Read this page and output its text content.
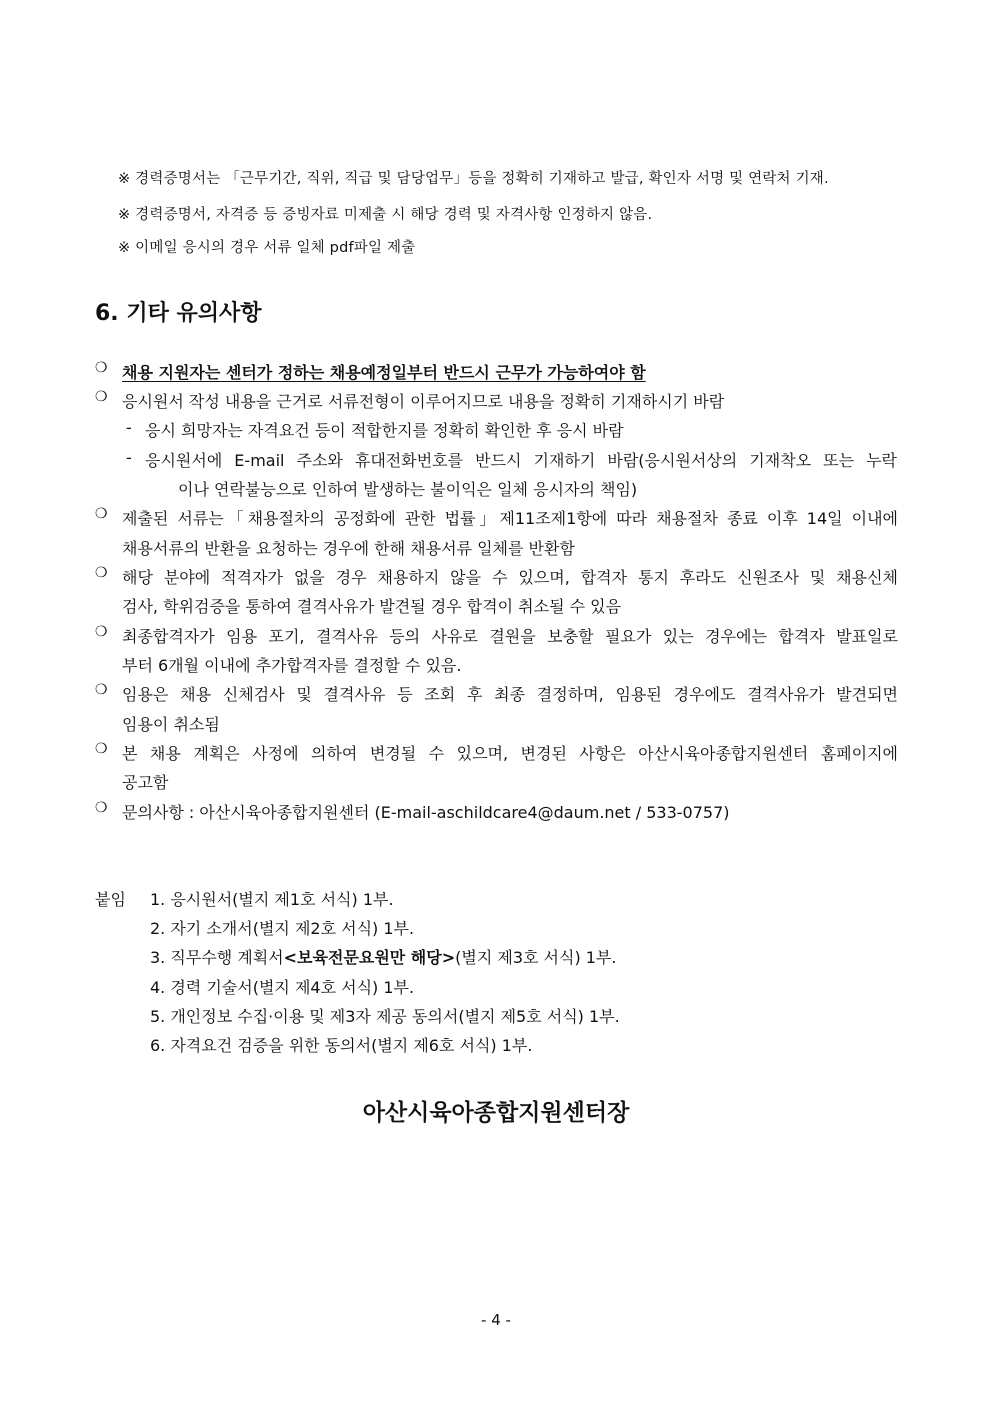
※ 경력증명서는 「근무기간, 직위, 직급 및 담당업무」등을 정확히 기재하고 발급, 확인자 서명 및 연락처 기재.
※ 경력증명서, 자격증 등 증빙자료 미제출 시 해당 경력 및 자격사항 인정하지 않음.
※ 이메일 응시의 경우 서류 일체 pdf파일 제출
6. 기타 유의사항
❍ 채용 지원자는 센터가 정하는 채용예정일부터 반드시 근무가 가능하여야 함
❍ 응시원서 작성 내용을 근거로 서류전형이 이루어지므로 내용을 정확히 기재하시기 바람
- 응시 희망자는 자격요건 등이 적합한지를 정확히 확인한 후 응시 바람
- 응시원서에 E-mail 주소와 휴대전화번호를 반드시 기재하기 바람(응시원서상의 기재착오 또는 누락
이나 연락불능으로 인하여 발생하는 불이익은 일체 응시자의 책임)
❍ 제출된 서류는「채용절차의 공정화에 관한 법률」제11조제1항에 따라 채용절차 종료 이후 14일 이내에
채용서류의 반환을 요청하는 경우에 한해 채용서류 일체를 반환함
❍ 해당 분야에 적격자가 없을 경우 채용하지 않을 수 있으며, 합격자 통지 후라도 신원조사 및 채용신체
검사, 학위검증을 통하여 결격사유가 발견될 경우 합격이 취소될 수 있음
❍ 최종합격자가 임용 포기, 결격사유 등의 사유로 결원을 보충할 필요가 있는 경우에는 합격자 발표일로
부터 6개월 이내에 추가합격자를 결정할 수 있음.
❍ 임용은 채용 신체검사 및 결격사유 등 조회 후 최종 결정하며, 임용된 경우에도 결격사유가 발견되면
임용이 취소됨
❍ 본 채용 계획은 사정에 의하여 변경될 수 있으며, 변경된 사항은 아산시육아종합지원센터 홈페이지에
공고함
❍ 문의사항 : 아산시육아종합지원센터 (E-mail-aschildcare4@daum.net / 533-0757)
붙임 1. 응시원서(별지 제1호 서식) 1부.
2. 자기 소개서(별지 제2호 서식) 1부.
3. 직무수행 계획서<보육전문요원만 해당>(별지 제3호 서식) 1부.
4. 경력 기술서(별지 제4호 서식) 1부.
5. 개인정보 수집·이용 및 제3자 제공 동의서(별지 제5호 서식) 1부.
6. 자격요건 검증을 위한 동의서(별지 제6호 서식) 1부.
아산시육아종합지원센터장
- 4 -
